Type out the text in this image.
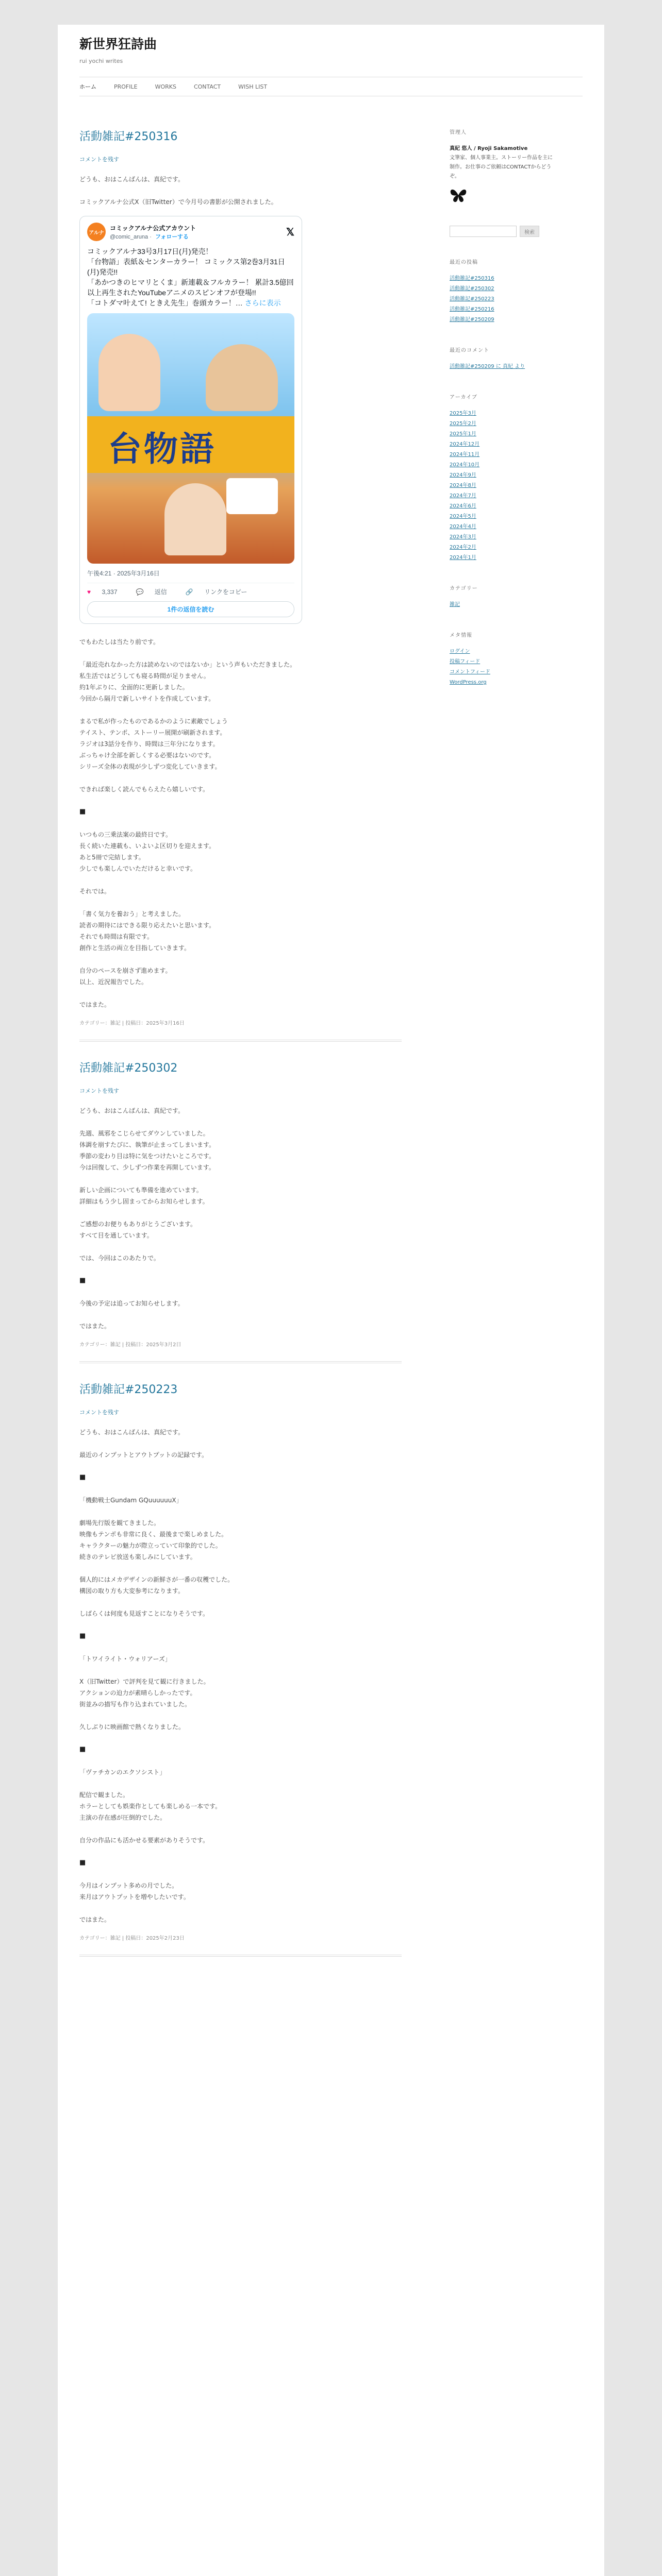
新世界狂詩曲
rui yochi writes
ホーム	PROFILE	WORKS	CONTACT	WISH LIST
活動雑記#250316
コメントを残す
どうも、おはこんばんは、真紀です。
コミックアルナ公式X（旧Twitter）で今月号の書影が公開されました。
アルナ
コミックアルナ公式アカウント
@comic_aruna · フォローする	𝕏
コミックアルナ33号3月17日(月)発売！
「台物語」表紙＆センターカラー！ コミックス第2巻3月31日(月)発売!!
「あかつきのヒマリとくま」新連載＆フルカラー！ 累計3.5億回以上再生されたYouTubeアニメのスピンオフが登場!!
「コトダマ叶えて! ときえ先生」巻頭カラー！… さらに表示
台物語
午後4:21 · 2025年3月16日
♥ 3,337	💬 返信	🔗 リンクをコピー
1件の返信を読む
でもわたしは当たり前です。
「最近売れなかった方は読めないのではないか」という声もいただきました。
私生活ではどうしても寝る時間が足りません。
約1年ぶりに、全面的に更新しました。
今回から隔月で新しいサイトを作成しています。
まるで私が作ったものであるかのように素敵でしょう
テイスト、テンポ、ストーリー展開が刷新されます。
ラジオは3話分を作り、時間は三年分になります。
ぶっちゃけ全部を新しくする必要はないのです。
シリーズ全体の表現が少しずつ変化していきます。
できれば楽しく読んでもらえたら嬉しいです。
■
いつもの三乗法案の最終日です。
長く続いた連載も、いよいよ区切りを迎えます。
あと5冊で完結します。
少しでも楽しんでいただけると幸いです。
それでは。
「書く気力を養おう」と考えました。
読者の期待にはできる限り応えたいと思います。
それでも時間は有限です。
創作と生活の両立を目指していきます。
自分のペースを崩さず進めます。
以上、近況報告でした。
ではまた。
カテゴリー：雑記 | 投稿日：2025年3月16日
活動雑記#250302
コメントを残す
どうも、おはこんばんは、真紀です。
先週、風邪をこじらせてダウンしていました。
体調を崩すたびに、執筆が止まってしまいます。
季節の変わり目は特に気をつけたいところです。
今は回復して、少しずつ作業を再開しています。
新しい企画についても準備を進めています。
詳細はもう少し固まってからお知らせします。
ご感想のお便りもありがとうございます。
すべて目を通しています。
では、今回はこのあたりで。
■
今後の予定は追ってお知らせします。
ではまた。
カテゴリー：雑記 | 投稿日：2025年3月2日
活動雑記#250223
コメントを残す
どうも、おはこんばんは、真紀です。
最近のインプットとアウトプットの記録です。
■
「機動戦士Gundam GQuuuuuuX」
劇場先行版を観てきました。
映像もテンポも非常に良く、最後まで楽しめました。
キャラクターの魅力が際立っていて印象的でした。
続きのテレビ放送も楽しみにしています。
個人的にはメカデザインの新鮮さが一番の収穫でした。
構図の取り方も大変参考になります。
しばらくは何度も見返すことになりそうです。
■
「トワイライト・ウォリアーズ」
X（旧Twitter）で評判を見て観に行きました。
アクションの迫力が素晴らしかったです。
街並みの描写も作り込まれていました。
久しぶりに映画館で熱くなりました。
■
「ヴァチカンのエクソシスト」
配信で観ました。
ホラーとしても娯楽作としても楽しめる一本です。
主演の存在感が圧倒的でした。
自分の作品にも活かせる要素がありそうです。
■
今月はインプット多めの月でした。
来月はアウトプットを増やしたいです。
ではまた。
カテゴリー：雑記 | 投稿日：2025年2月23日
管理人
真紀 悠人 / Ryoji Sakamotive

文筆家、個人事業主。ストーリー作品を主に制作。お仕事のご依頼はCONTACTからどうぞ。

検索
最近の投稿
活動雑記#250316
活動雑記#250302
活動雑記#250223
活動雑記#250216
活動雑記#250209
最近のコメント
活動雑記#250209 に 真紀 より
アーカイブ
2025年3月
2025年2月
2025年1月
2024年12月
2024年11月
2024年10月
2024年9月
2024年8月
2024年7月
2024年6月
2024年5月
2024年4月
2024年3月
2024年2月
2024年1月
カテゴリー
雑記
メタ情報
ログイン
投稿フィード
コメントフィード
WordPress.org
